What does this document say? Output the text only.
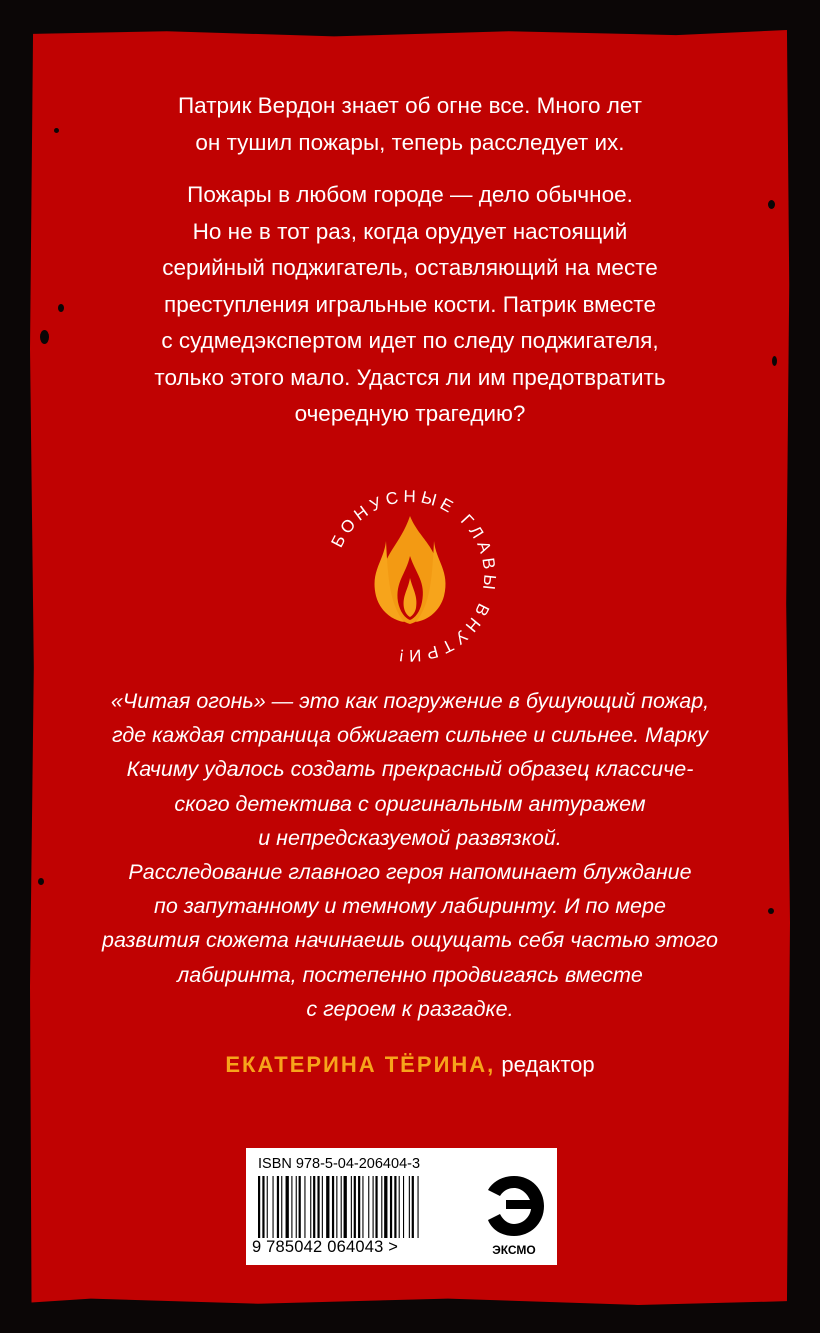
Патрик Вердон знает об огне все. Много лет
он тушил пожары, теперь расследует их.

Пожары в любом городе — дело обычное.
Но не в тот раз, когда орудует настоящий
серийный поджигатель, оставляющий на месте
преступления игральные кости. Патрик вместе
с судмедэкспертом идет по следу поджигателя,
только этого мало. Удастся ли им предотвратить
очередную трагедию?

БОНУСНЫЕ ГЛАВЫ ВНУТРИ!

«Читая огонь» — это как погружение в бушующий пожар,

где каждая страница обжигает сильнее и сильнее. Марку

Качиму удалось создать прекрасный образец классиче-

ского детектива с оригинальным антуражем

и непредсказуемой развязкой.

Расследование главного героя напоминает блуждание

по запутанному и темному лабиринту. И по мере

развития сюжета начинаешь ощущать себя частью этого

лабиринта, постепенно продвигаясь вместе

с героем к разгадке.

ЕКАТЕРИНА ТЁРИНА, редактор
ISBN 978-5-04-206404-3
9 785042 064043 >	ЭКСМО
